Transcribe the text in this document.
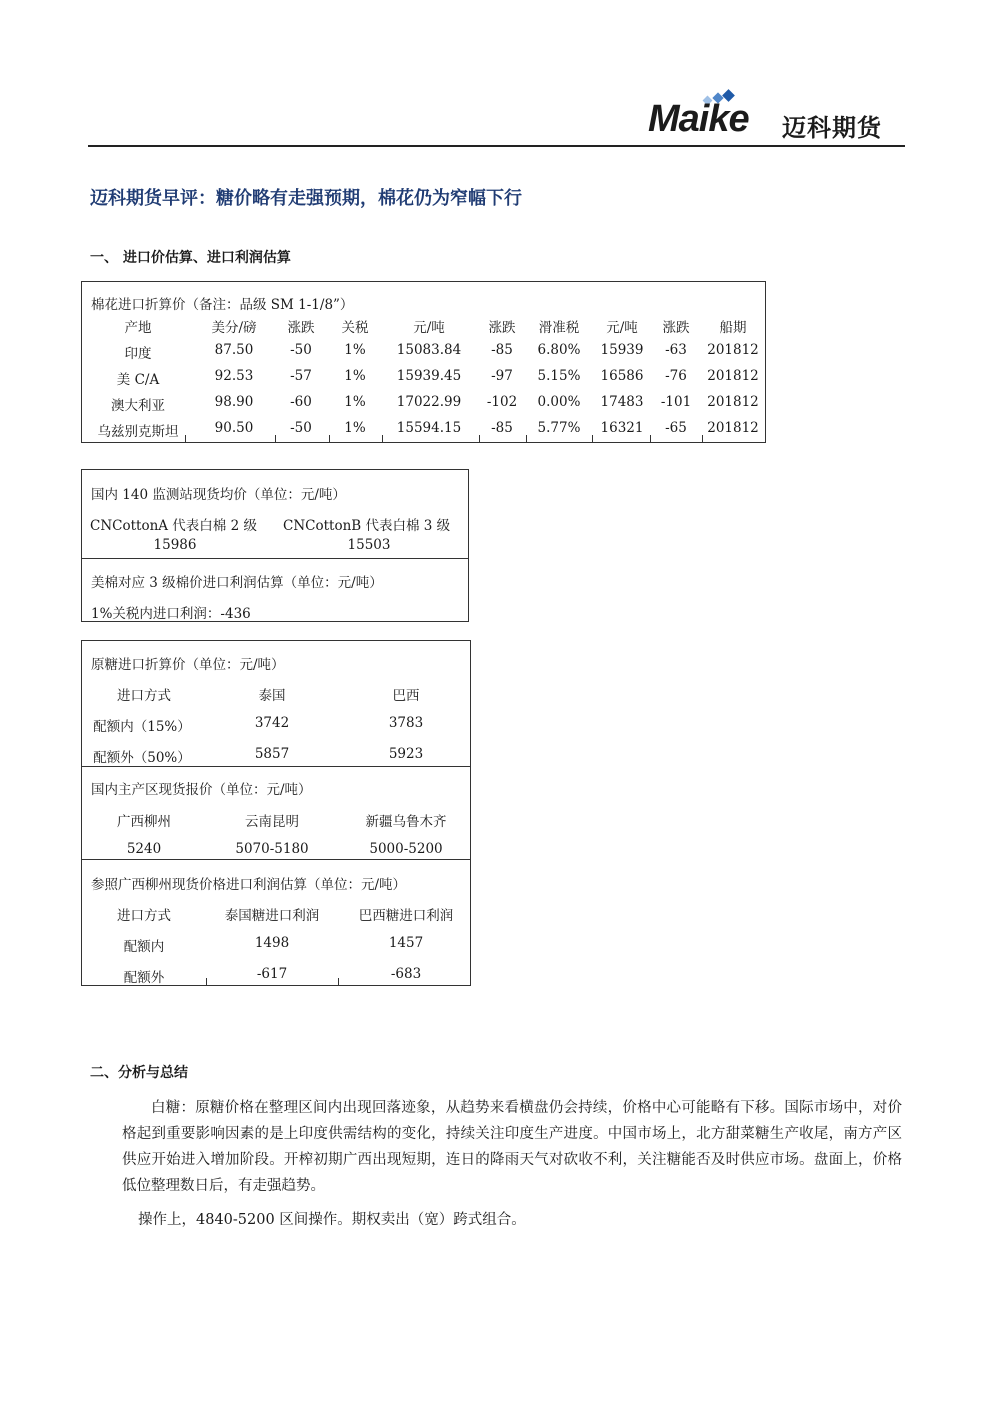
Maike 迈科期货
迈科期货早评：糖价略有走强预期，棉花仍为窄幅下行
一、 进口价估算、进口利润估算
棉花进口折算价（备注：品级 SM 1-1/8”）
产地	美分/磅 涨跌 关税	元/吨	涨跌 滑准税 元/吨 涨跌 船期
印度	87.50	-50 1% 15083.84 -85 6.80% 15939 -63 201812
美 C/A	92.53	-57 1% 15939.45 -97 5.15% 16586 -76 201812
澳大利亚	98.90	-60 1% 17022.99 -102 0.00% 17483 -101 201812
乌兹别克斯坦	90.50	-50 1% 15594.15 -85 5.77% 16321 -65 201812
国内 140 监测站现货均价（单位：元/吨）
CNCottonA 代表白棉 2 级 CNCottonB 代表白棉 3 级
15986	15503
美棉对应 3 级棉价进口利润估算（单位：元/吨）
1%关税内进口利润：-436
原糖进口折算价（单位：元/吨）
进口方式	泰国	巴西
配额内（15%）	3742	3783
配额外（50%）	5857	5923
国内主产区现货报价（单位：元/吨）
广西柳州	云南昆明	新疆乌鲁木齐
5240	5070-5180	5000-5200
参照广西柳州现货价格进口利润估算（单位：元/吨）
进口方式	泰国糖进口利润	巴西糖进口利润
配额内	1498	1457
配额外	-617	-683
二、分析与总结
白糖：原糖价格在整理区间内出现回落迹象，从趋势来看横盘仍会持续，价格中心可能略有下移。国际市场中，对价格起到重要影响因素的是上印度供需结构的变化，持续关注印度生产进度。中国市场上，北方甜菜糖生产收尾，南方产区供应开始进入增加阶段。开榨初期广西出现短期，连日的降雨天气对砍收不利，关注糖能否及时供应市场。盘面上，价格低位整理数日后，有走强趋势。
操作上，4840-5200 区间操作。期权卖出（宽）跨式组合。
